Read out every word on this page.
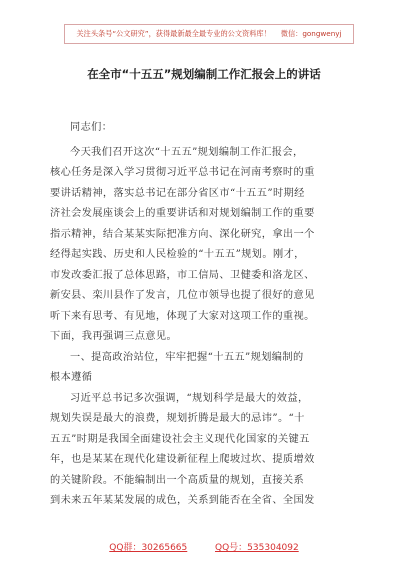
关注头条号“公文研究”，获得最新最全最专业的公文资料库！ 微信：gongwenyj
在全市“十五五”规划编制工作汇报会上的讲话
同志们：
今天我们召开这次“十五五”规划编制工作汇报会，
核心任务是深入学习贯彻习近平总书记在河南考察时的重
要讲话精神，落实总书记在部分省区市“十五五”时期经
济社会发展座谈会上的重要讲话和对规划编制工作的重要
指示精神，结合某某实际把准方向、深化研究，拿出一个
经得起实践、历史和人民检验的“十五五”规划。刚才，
市发改委汇报了总体思路，市工信局、卫健委和洛龙区、
新安县、栾川县作了发言，几位市领导也提了很好的意见
听下来有思考、有见地，体现了大家对这项工作的重视。
下面，我再强调三点意见。
一、提高政治站位，牢牢把握“十五五”规划编制的
根本遵循
习近平总书记多次强调，“规划科学是最大的效益，
规划失误是最大的浪费，规划折腾是最大的忌讳”。“十
五五”时期是我国全面建设社会主义现代化国家的关键五
年，也是某某在现代化建设新征程上爬坡过坎、提质增效
的关键阶段。不能编制出一个高质量的规划，直接关系
到未来五年某某发展的成色，关系到能否在全省、全国发
QQ群：30265665	QQ号：535304092
